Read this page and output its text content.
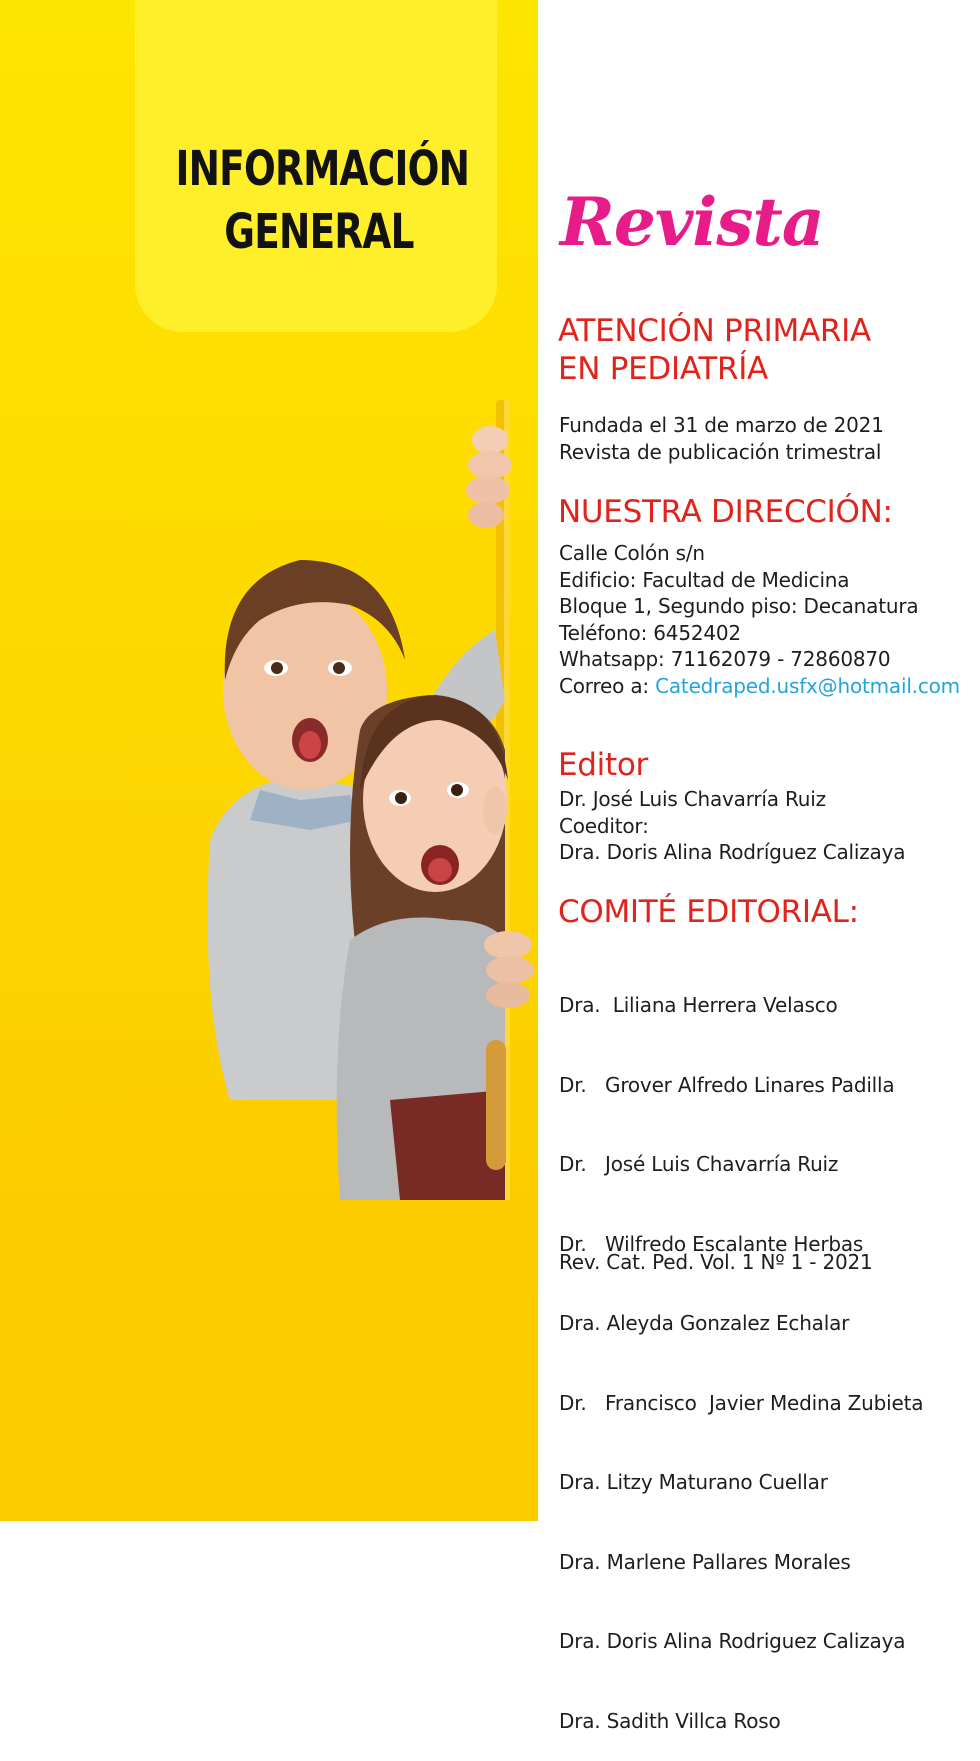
INFORMACIÓN
GENERAL	Revista
ATENCIÓN PRIMARIA
EN PEDIATRÍA
Fundada el 31 de marzo de 2021
Revista de publicación trimestral
NUESTRA DIRECCIÓN:
Calle Colón s/n
Edificio: Facultad de Medicina
Bloque 1, Segundo piso: Decanatura
Teléfono: 6452402
Whatsapp: 71162079 - 72860870
Correo a: Catedraped.usfx@hotmail.com
Editor
Dr. José Luis Chavarría Ruiz
Coeditor:
Dra. Doris Alina Rodríguez Calizaya
COMITÉ EDITORIAL:

Dra.  Liliana Herrera Velasco

Dr.   Grover Alfredo Linares Padilla

Dr.   José Luis Chavarría Ruiz

Dr.   Wilfredo Escalante Herbas

Dra. Aleyda Gonzalez Echalar

Dr.   Francisco  Javier Medina Zubieta

Dra. Litzy Maturano Cuellar

Dra. Marlene Pallares Morales

Dra. Doris Alina Rodriguez Calizaya

Dra. Sadith Villca Roso

Rev. Cat. Ped. Vol. 1 Nº 1 - 2021
